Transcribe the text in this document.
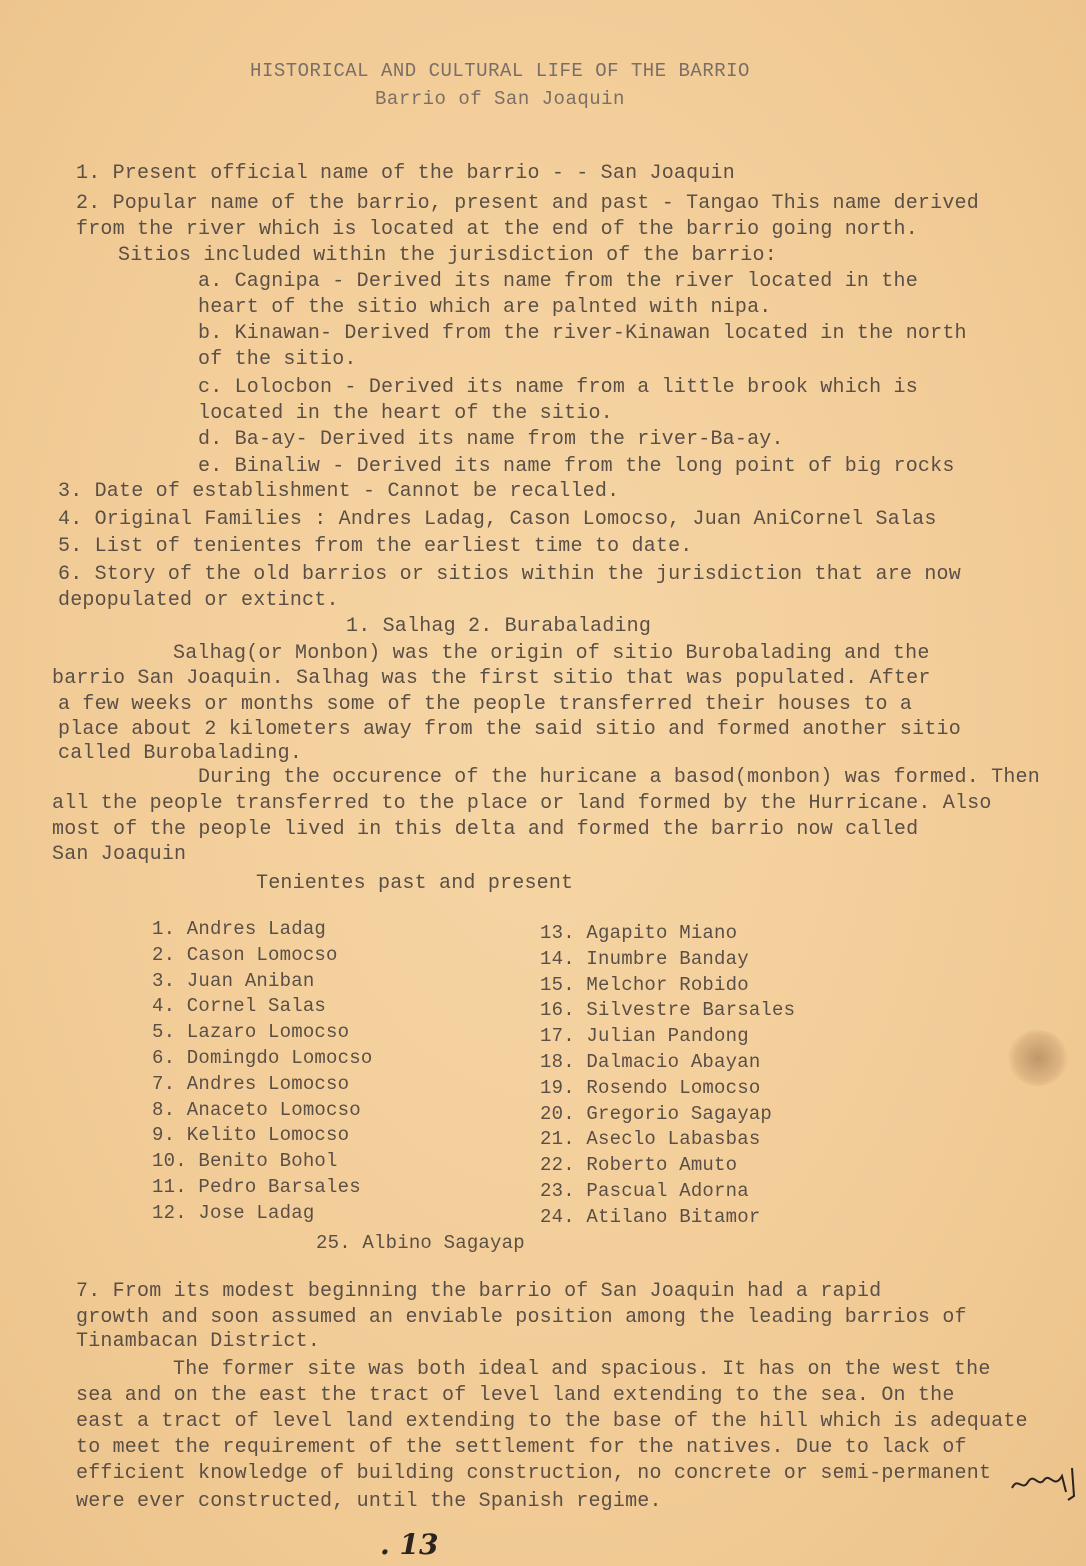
HISTORICAL AND CULTURAL LIFE OF THE BARRIO
Barrio of San Joaquin
1. Present official name of the barrio - - San Joaquin
2. Popular name of the barrio, present and past - Tangao This name derived
from the river which is located at the end of the barrio going north.
Sitios included within the jurisdiction of the barrio:
a. Cagnipa - Derived its name from the river located in the
heart of the sitio which are palnted with nipa.
b. Kinawan- Derived from the river-Kinawan located in the north
of the sitio.
c. Lolocbon - Derived its name from a little brook which is
located in the heart of the sitio.
d. Ba-ay- Derived its name from the river-Ba-ay.
e. Binaliw - Derived its name from the long point of big rocks
3. Date of establishment - Cannot be recalled.
4. Original Families : Andres Ladag, Cason Lomocso, Juan AniCornel Salas
5. List of tenientes from the earliest time to date.
6. Story of the old barrios or sitios within the jurisdiction that are now
depopulated or extinct.
1. Salhag 2. Burabalading
Salhag(or Monbon) was the origin of sitio Burobalading and the
barrio San Joaquin. Salhag was the first sitio that was populated. After
a few weeks or months some of the people transferred their houses to a
place about 2 kilometers away from the said sitio and formed another sitio
called Burobalading.
During the occurence of the huricane a basod(monbon) was formed. Then
all the people transferred to the place or land formed by the Hurricane. Also
most of the people lived in this delta and formed the barrio now called
San Joaquin
Tenientes past and present
1. Andres Ladag
2. Cason Lomocso
3. Juan Aniban
4. Cornel Salas
5. Lazaro Lomocso
6. Domingdo Lomocso
7. Andres Lomocso
8. Anaceto Lomocso
9. Kelito Lomocso
10. Benito Bohol
11. Pedro Barsales
12. Jose Ladag
13. Agapito Miano
14. Inumbre Banday
15. Melchor Robido
16. Silvestre Barsales
17. Julian Pandong
18. Dalmacio Abayan
19. Rosendo Lomocso
20. Gregorio Sagayap
21. Aseclo Labasbas
22. Roberto Amuto
23. Pascual Adorna
24. Atilano Bitamor
25. Albino Sagayap
7. From its modest beginning the barrio of San Joaquin had a rapid
growth and soon assumed an enviable position among the leading barrios of
Tinambacan District.
The former site was both ideal and spacious. It has on the west the
sea and on the east the tract of level land extending to the sea. On the
east a tract of level land extending to the base of the hill which is adequate
to meet the requirement of the settlement for the natives. Due to lack of
efficient knowledge of building construction, no concrete or semi-permanent
were ever constructed, until the Spanish regime.
. 13
